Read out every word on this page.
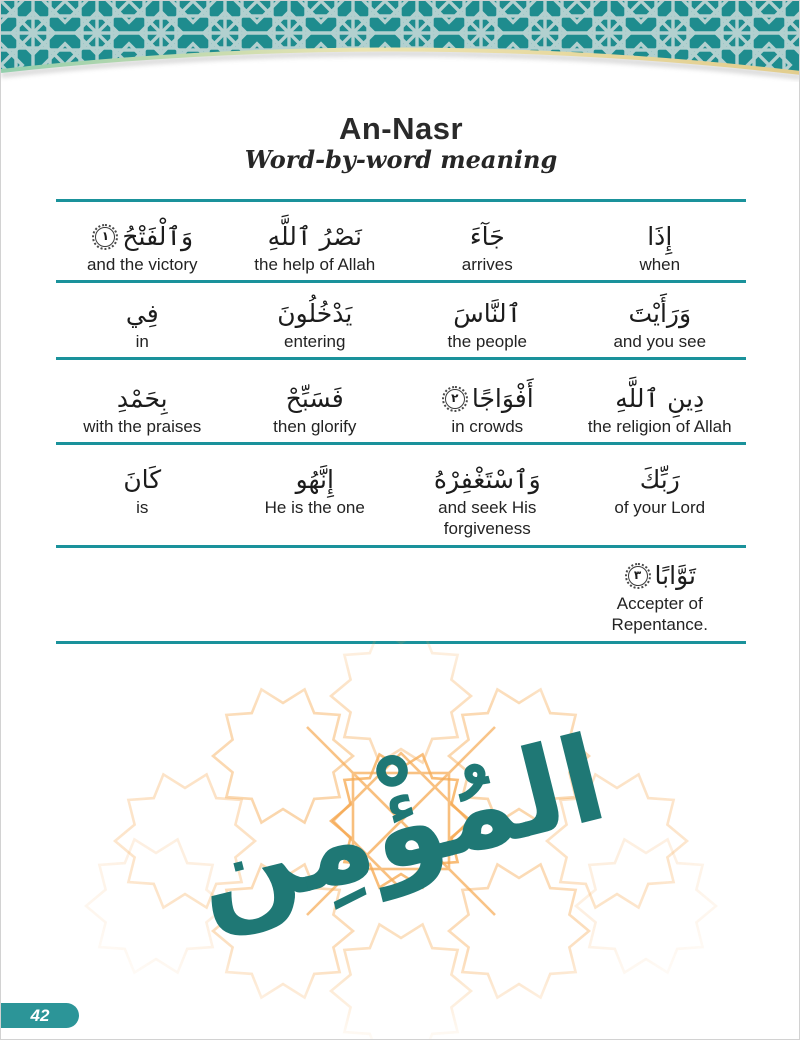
An-Nasr
Word-by-word meaning
إِذَا
when
جَآءَ
arrives
نَصْرُ ٱللَّهِ
the help of Allah
وَٱلْفَتْحُ
١
and the victory
وَرَأَيْتَ
and you see
ٱلنَّاسَ
the people
يَدْخُلُونَ
entering
فِي
in
دِينِ ٱللَّهِ
the religion of Allah
أَفْوَاجًا
٢
in crowds
فَسَبِّحْ
then glorify
بِحَمْدِ
with the praises
رَبِّكَ
of your Lord
وَٱسْتَغْفِرْهُ
and seek His forgiveness
إِنَّهُو
He is the one
كَانَ
is
تَوَّابًا
٣
Accepter of Repentance.
المُؤْمِن
42
